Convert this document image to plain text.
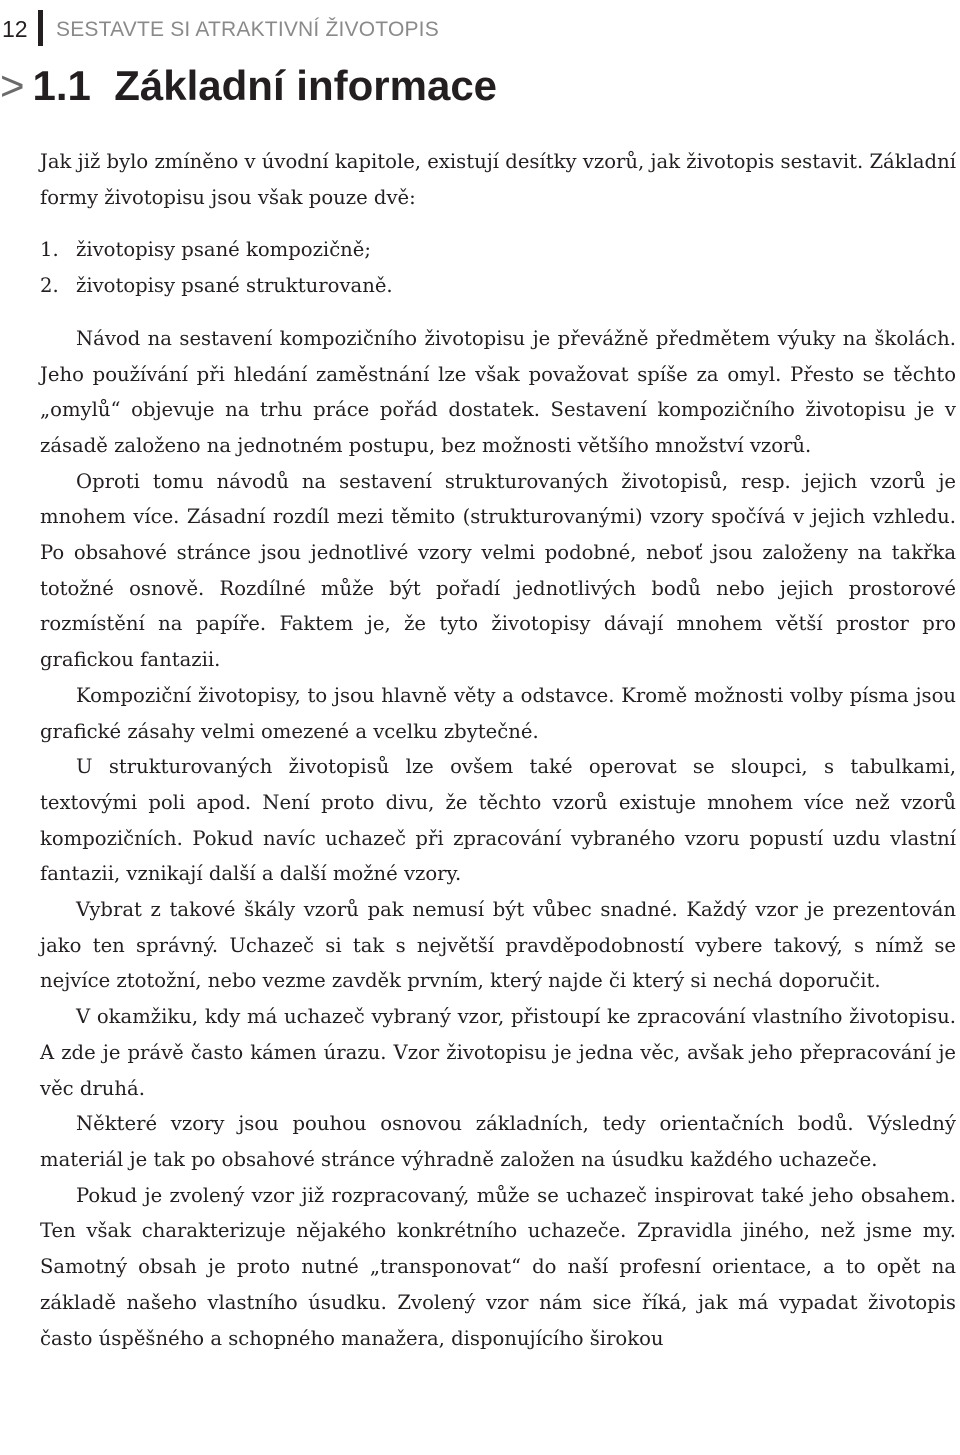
12 SESTAVTE SI ATRAKTIVNÍ ŽIVOTOPIS
> 1.1  Základní informace

Jak již bylo zmíněno v úvodní kapitole, existují desítky vzorů, jak životopis sestavit. Základní formy životopisu jsou však pouze dvě:

1. životopisy psané kompozičně;
2. životopisy psané strukturovaně.

Návod na sestavení kompozičního životopisu je převážně předmětem výuky na školách. Jeho používání při hledání zaměstnání lze však považovat spíše za omyl. Přesto se těchto „omylů“ objevuje na trhu práce pořád dostatek. Sestavení kompozičního životopisu je v zásadě založeno na jednotném postupu, bez možnosti většího množství vzorů.

Oproti tomu návodů na sestavení strukturovaných životopisů, resp. jejich vzorů je mnohem více. Zásadní rozdíl mezi těmito (strukturovanými) vzory spočívá v jejich vzhledu. Po obsahové stránce jsou jednotlivé vzory velmi podobné, neboť jsou založeny na takřka totožné osnově. Rozdílné může být pořadí jednotlivých bodů nebo jejich prostorové rozmístění na papíře. Faktem je, že tyto životopisy dávají mnohem větší prostor pro grafickou fantazii.

Kompoziční životopisy, to jsou hlavně věty a odstavce. Kromě možnosti volby písma jsou grafické zásahy velmi omezené a vcelku zbytečné.

U strukturovaných životopisů lze ovšem také operovat se sloupci, s tabulkami, textovými poli apod. Není proto divu, že těchto vzorů existuje mnohem více než vzorů kompozičních. Pokud navíc uchazeč při zpracování vybraného vzoru popustí uzdu vlastní fantazii, vznikají další a další možné vzory.

Vybrat z takové škály vzorů pak nemusí být vůbec snadné. Každý vzor je prezentován jako ten správný. Uchazeč si tak s největší pravděpodobností vybere takový, s nímž se nejvíce ztotožní, nebo vezme zavděk prvním, který najde či který si nechá doporučit.

V okamžiku, kdy má uchazeč vybraný vzor, přistoupí ke zpracování vlastního životopisu. A zde je právě často kámen úrazu. Vzor životopisu je jedna věc, avšak jeho přepracování je věc druhá.

Některé vzory jsou pouhou osnovou základních, tedy orientačních bodů. Výsledný materiál je tak po obsahové stránce výhradně založen na úsudku každého uchazeče.

Pokud je zvolený vzor již rozpracovaný, může se uchazeč inspirovat také jeho obsahem. Ten však charakterizuje nějakého konkrétního uchazeče. Zpravidla jiného, než jsme my. Samotný obsah je proto nutné „transponovat“ do naší profesní orientace, a to opět na základě našeho vlastního úsudku. Zvolený vzor nám sice říká, jak má vypadat životopis často úspěšného a schopného manažera, disponujícího širokou
